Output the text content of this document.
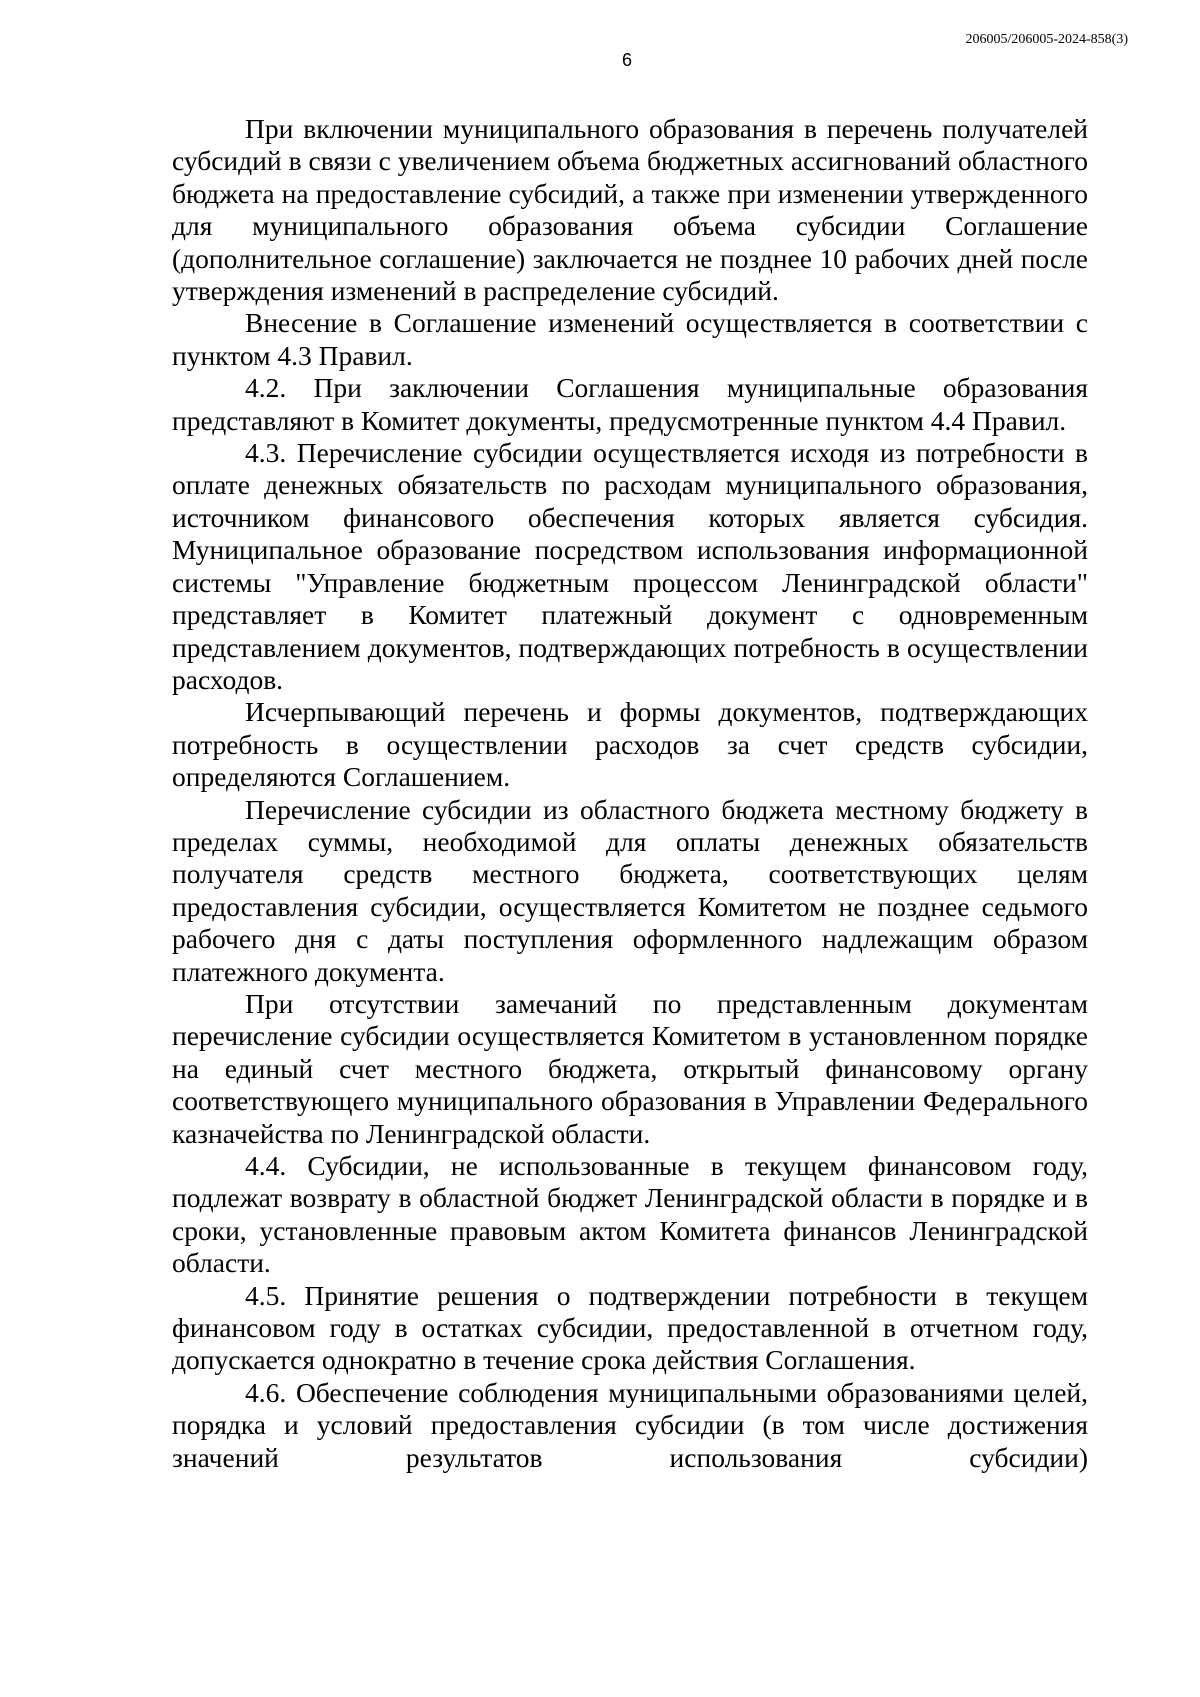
206005/206005-2024-858(3)
6

При включении муниципального образования в перечень получателей субсидий в связи с увеличением объема бюджетных ассигнований областного бюджета на предоставление субсидий, а также при изменении утвержденного для муниципального образования объема субсидии Соглашение (дополнительное соглашение) заключается не позднее 10 рабочих дней после утверждения изменений в распределение субсидий.

Внесение в Соглашение изменений осуществляется в соответствии с пунктом 4.3 Правил.

4.2. При заключении Соглашения муниципальные образования представляют в Комитет документы, предусмотренные пунктом 4.4 Правил.

4.3. Перечисление субсидии осуществляется исходя из потребности в оплате денежных обязательств по расходам муниципального образования, источником финансового обеспечения которых является субсидия. Муниципальное образование посредством использования информационной системы "Управление бюджетным процессом Ленинградской области" представляет в Комитет платежный документ с одновременным представлением документов, подтверждающих потребность в осуществлении расходов.

Исчерпывающий перечень и формы документов, подтверждающих потребность в осуществлении расходов за счет средств субсидии, определяются Соглашением.

Перечисление субсидии из областного бюджета местному бюджету в пределах суммы, необходимой для оплаты денежных обязательств получателя средств местного бюджета, соответствующих целям предоставления субсидии, осуществляется Комитетом не позднее седьмого рабочего дня с даты поступления оформленного надлежащим образом платежного документа.

При отсутствии замечаний по представленным документам перечисление субсидии осуществляется Комитетом в установленном порядке на единый счет местного бюджета, открытый финансовому органу соответствующего муниципального образования в Управлении Федерального казначейства по Ленинградской области.

4.4. Субсидии, не использованные в текущем финансовом году, подлежат возврату в областной бюджет Ленинградской области в порядке и в сроки, установленные правовым актом Комитета финансов Ленинградской области.

4.5. Принятие решения о подтверждении потребности в текущем финансовом году в остатках субсидии, предоставленной в отчетном году, допускается однократно в течение срока действия Соглашения.

4.6. Обеспечение соблюдения муниципальными образованиями целей, порядка и условий предоставления субсидии (в том числе достижения значений результатов использования субсидии)
